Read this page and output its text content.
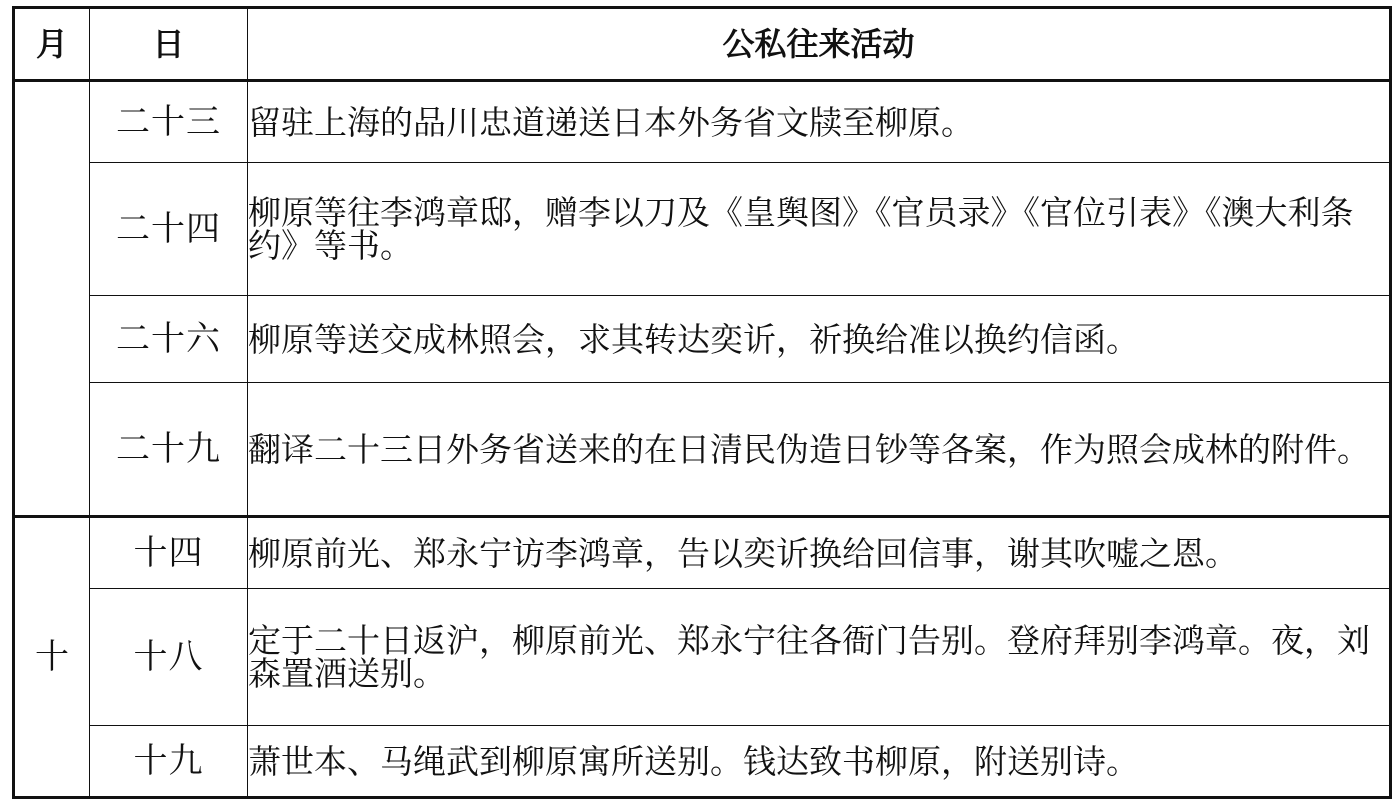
月	日	公私往来活动
	二十三	留驻上海的品川忠道递送日本外务省文牍至柳原。
	二十四	柳原等往李鸿章邸，赠李以刀及《皇舆图》《官员录》《官位引表》《澳大利条约》等书。
	二十六	柳原等送交成林照会，求其转达奕䜣，祈换给准以换约信函。
	二十九	翻译二十三日外务省送来的在日清民伪造日钞等各案，作为照会成林的附件。
十	十四	柳原前光、郑永宁访李鸿章，告以奕䜣换给回信事，谢其吹嘘之恩。
	十八	定于二十日返沪，柳原前光、郑永宁往各衙门告别。登府拜别李鸿章。夜，刘森置酒送别。
	十九	萧世本、马绳武到柳原寓所送别。钱达致书柳原，附送别诗。
